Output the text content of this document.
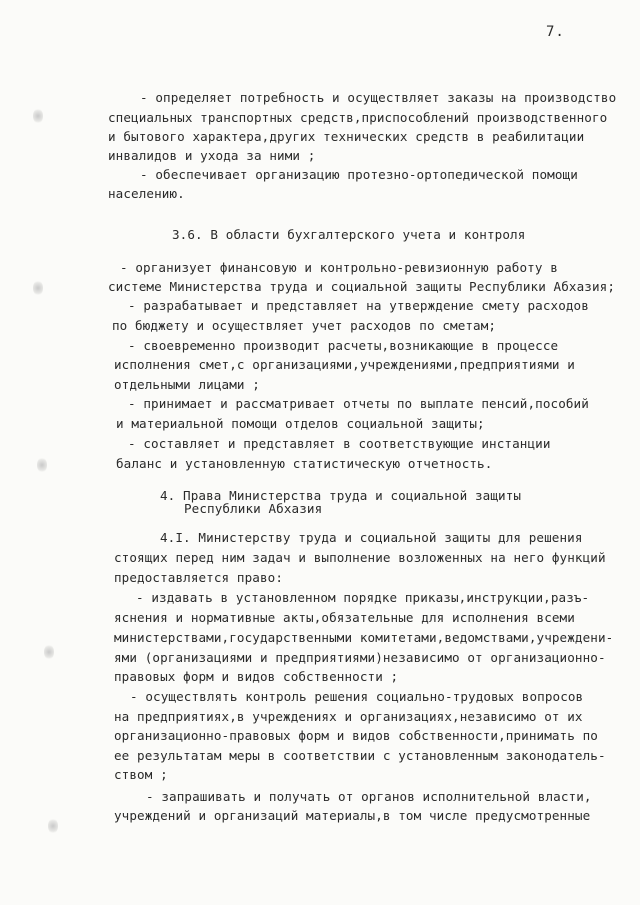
7.
- определяет потребность и осуществляет заказы на производство
специальных транспортных средств,приспособлений производственного
и бытового характера,других технических средств в реабилитации
инвалидов и ухода за ними ;
- обеспечивает организацию протезно-ортопедической помощи
населению.
3.6. В области бухгалтерского учета и контроля
- организует финансовую и контрольно-ревизионную работу в
системе Министерства труда и социальной защиты Республики Абхазия;
- разрабатывает и представляет на утверждение смету расходов
по бюджету и осуществляет учет расходов по сметам;
- своевременно производит расчеты,возникающие в процессе
исполнения смет,с организациями,учреждениями,предприятиями и
отдельными лицами ;
- принимает и рассматривает отчеты по выплате пенсий,пособий
и материальной помощи отделов социальной защиты;
- составляет и представляет в соответствующие инстанции
баланс и установленную статистическую отчетность.
4. Права Министерства труда и социальной защиты
Республики Абхазия
4.I. Министерству труда и социальной защиты для решения
стоящих перед ним задач и выполнение возложенных на него функций
предоставляется право:
- издавать в установленном порядке приказы,инструкции,разъ-
яснения и нормативные акты,обязательные для исполнения всеми
министерствами,государственными комитетами,ведомствами,учреждени-
ями (организациями и предприятиями)независимо от организационно-
правовых форм и видов собственности ;
- осуществлять контроль решения социально-трудовых вопросов
на предприятиях,в учреждениях и организациях,независимо от их
организационно-правовых форм и видов собственности,принимать по
ее результатам меры в соответствии с установленным законодатель-
ством ;
- запрашивать и получать от органов исполнительной власти,
учреждений и организаций материалы,в том числе предусмотренные
